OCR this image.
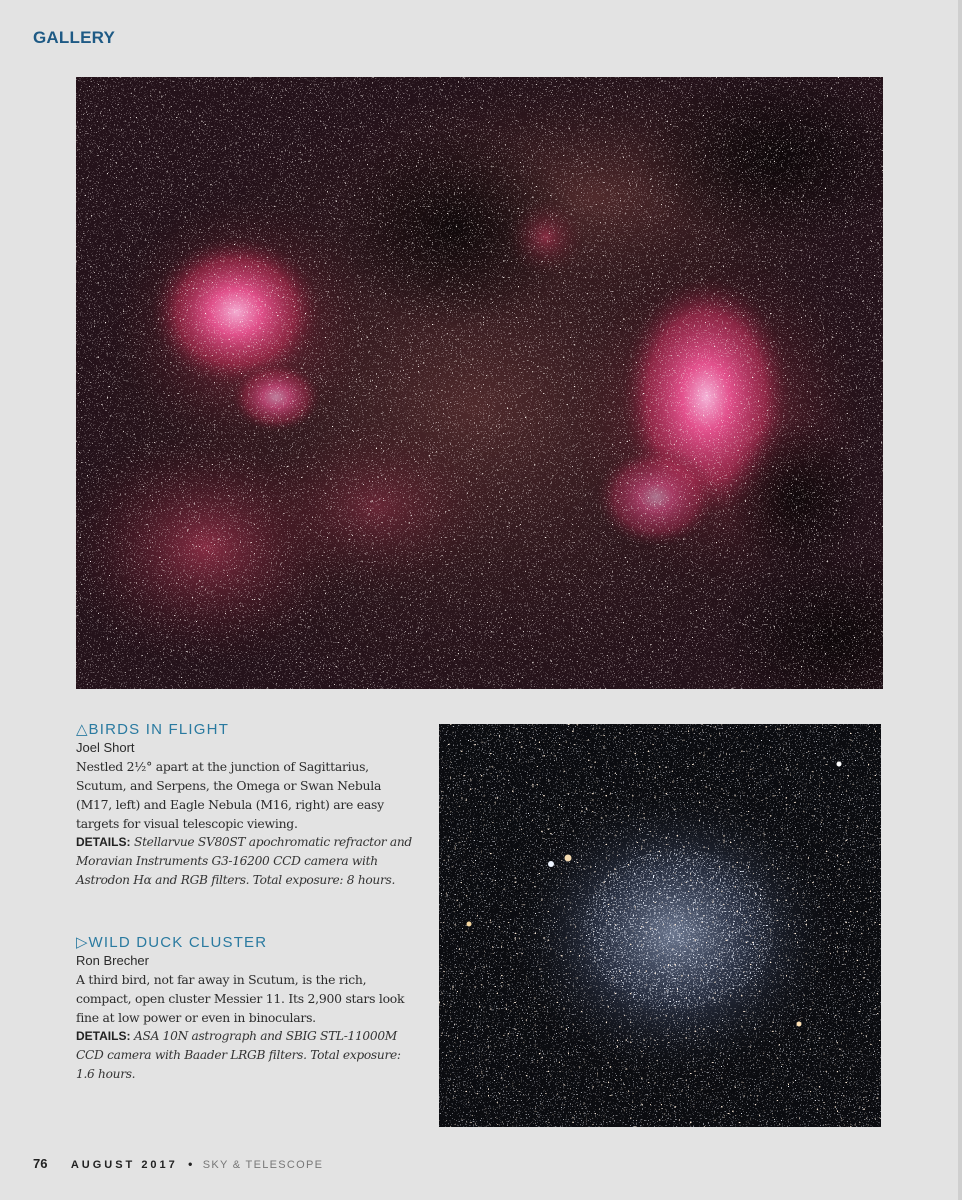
GALLERY
△BIRDS IN FLIGHT
Joel Short
Nestled 2½° apart at the junction of Sagittarius, Scutum, and Serpens, the Omega or Swan Nebula (M17, left) and Eagle Nebula (M16, right) are easy targets for visual telescopic viewing.
DETAILS: Stellarvue SV80ST apochromatic refractor and Moravian Instruments G3-16200 CCD camera with Astrodon Hα and RGB filters. Total exposure: 8 hours.
▷WILD DUCK CLUSTER
Ron Brecher
A third bird, not far away in Scutum, is the rich, compact, open cluster Messier 11. Its 2,900 stars look fine at low power or even in binoculars.
DETAILS: ASA 10N astrograph and SBIG STL-11000M CCD camera with Baader LRGB filters. Total exposure: 1.6 hours.
76 AUGUST 2017 • SKY & TELESCOPE
